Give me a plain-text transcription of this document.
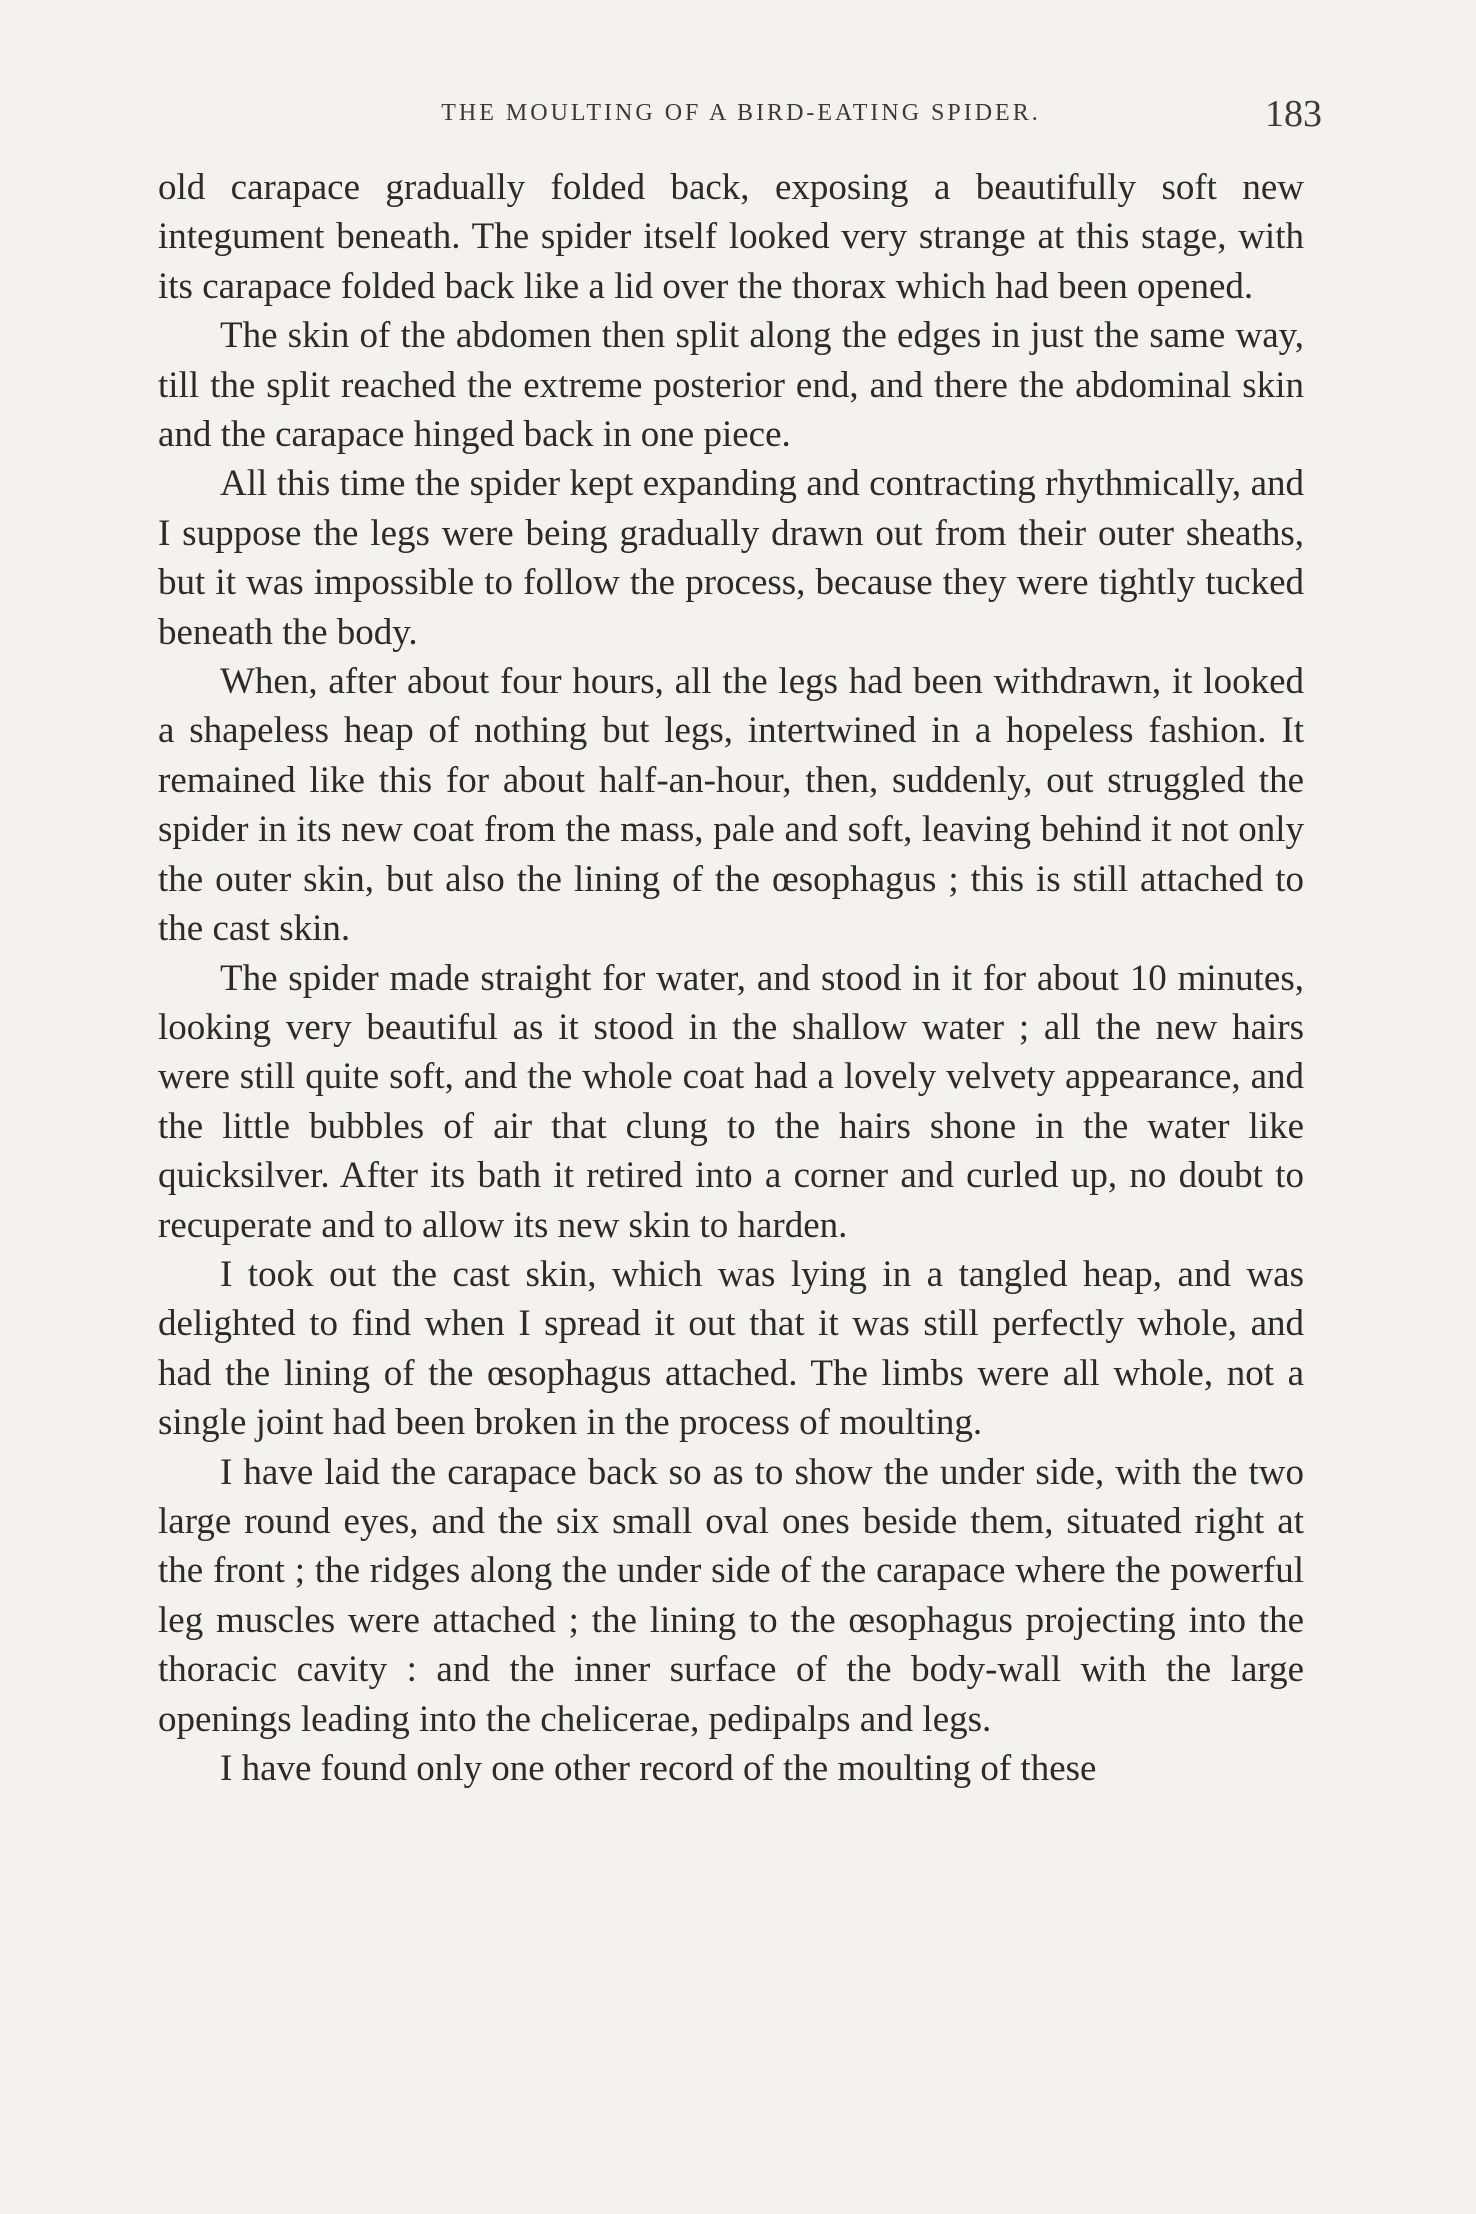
THE MOULTING OF A BIRD-EATING SPIDER.	183

old carapace gradually folded back, exposing a beautifully soft new integument beneath. The spider itself looked very strange at this stage, with its carapace folded back like a lid over the thorax which had been opened.

The skin of the abdomen then split along the edges in just the same way, till the split reached the extreme posterior end, and there the abdominal skin and the carapace hinged back in one piece.

All this time the spider kept expanding and contracting rhythmically, and I suppose the legs were being gradually drawn out from their outer sheaths, but it was impossible to follow the process, because they were tightly tucked beneath the body.

When, after about four hours, all the legs had been withdrawn, it looked a shapeless heap of nothing but legs, intertwined in a hopeless fashion. It remained like this for about half-an-hour, then, suddenly, out struggled the spider in its new coat from the mass, pale and soft, leaving behind it not only the outer skin, but also the lining of the œsophagus ; this is still attached to the cast skin.

The spider made straight for water, and stood in it for about 10 minutes, looking very beautiful as it stood in the shallow water ; all the new hairs were still quite soft, and the whole coat had a lovely velvety appearance, and the little bubbles of air that clung to the hairs shone in the water like quicksilver. After its bath it retired into a corner and curled up, no doubt to recuperate and to allow its new skin to harden.

I took out the cast skin, which was lying in a tangled heap, and was delighted to find when I spread it out that it was still perfectly whole, and had the lining of the œsophagus attached. The limbs were all whole, not a single joint had been broken in the process of moulting.

I have laid the carapace back so as to show the under side, with the two large round eyes, and the six small oval ones beside them, situated right at the front ; the ridges along the under side of the carapace where the powerful leg muscles were attached ; the lining to the œsophagus projecting into the thoracic cavity : and the inner surface of the body-wall with the large openings leading into the chelicerae, pedipalps and legs.

I have found only one other record of the moulting of these
